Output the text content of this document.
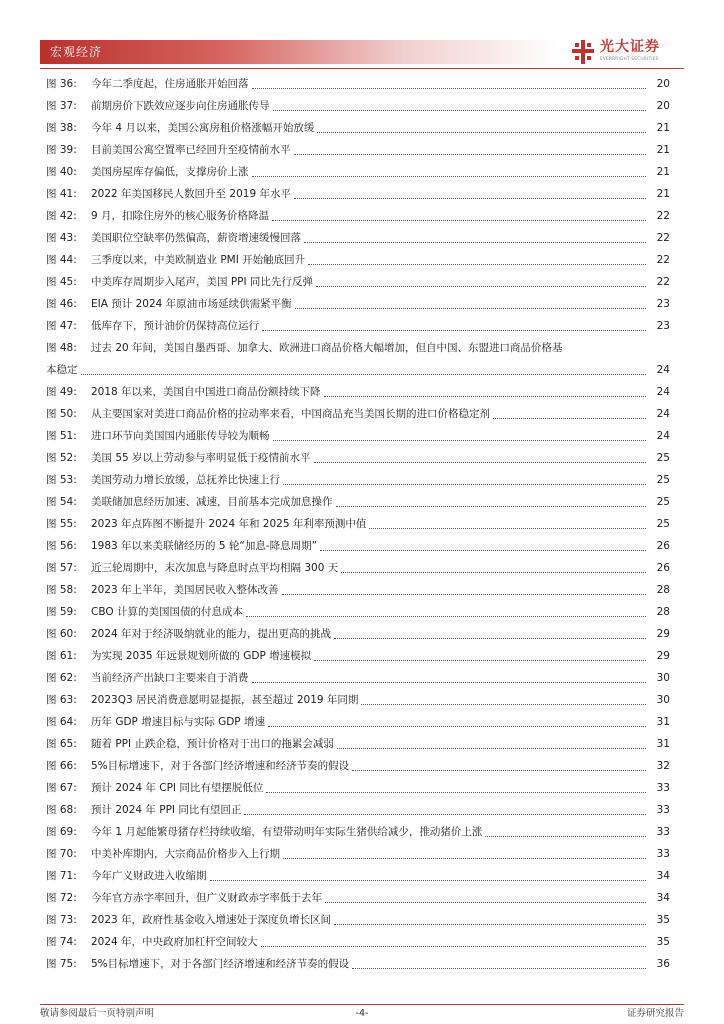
宏观经济	光大证券
EVERBRIGHT SECURITIES
图 36: 今年二季度起，住房通胀开始回落	20
图 37: 前期房价下跌效应逐步向住房通胀传导	20
图 38: 今年 4 月以来，美国公寓房租价格涨幅开始放缓	21
图 39: 目前美国公寓空置率已经回升至疫情前水平	21
图 40: 美国房屋库存偏低，支撑房价上涨	21
图 41: 2022 年美国移民人数回升至 2019 年水平	21
图 42: 9 月，扣除住房外的核心服务价格降温	22
图 43: 美国职位空缺率仍然偏高，薪资增速缓慢回落	22
图 44: 三季度以来，中美欧制造业 PMI 开始触底回升	22
图 45: 中美库存周期步入尾声，美国 PPI 同比先行反弹	22
图 46: EIA 预计 2024 年原油市场延续供需紧平衡	23
图 47: 低库存下，预计油价仍保持高位运行	23
图 48: 过去 20 年间，美国自墨西哥、加拿大、欧洲进口商品价格大幅增加，但自中国、东盟进口商品价格基
本稳定	24
图 49: 2018 年以来，美国自中国进口商品份额持续下降	24
图 50: 从主要国家对美进口商品价格的拉动率来看，中国商品充当美国长期的进口价格稳定剂	24
图 51: 进口环节向美国国内通胀传导较为顺畅	24
图 52: 美国 55 岁以上劳动参与率明显低于疫情前水平	25
图 53: 美国劳动力增长放缓，总抚养比快速上行	25
图 54: 美联储加息经历加速、减速，目前基本完成加息操作	25
图 55: 2023 年点阵图不断提升 2024 年和 2025 年利率预测中值	25
图 56: 1983 年以来美联储经历的 5 轮“加息-降息周期”	26
图 57: 近三轮周期中，末次加息与降息时点平均相隔 300 天	26
图 58: 2023 年上半年，美国居民收入整体改善	28
图 59: CBO 计算的美国国债的付息成本	28
图 60: 2024 年对于经济吸纳就业的能力，提出更高的挑战	29
图 61: 为实现 2035 年远景规划所做的 GDP 增速模拟	29
图 62: 当前经济产出缺口主要来自于消费	30
图 63: 2023Q3 居民消费意愿明显提振，甚至超过 2019 年同期	30
图 64: 历年 GDP 增速目标与实际 GDP 增速	31
图 65: 随着 PPI 止跌企稳，预计价格对于出口的拖累会减弱	31
图 66: 5%目标增速下，对于各部门经济增速和经济节奏的假设	32
图 67: 预计 2024 年 CPI 同比有望摆脱低位	33
图 68: 预计 2024 年 PPI 同比有望回正	33
图 69: 今年 1 月起能繁母猪存栏持续收缩，有望带动明年实际生猪供给减少，推动猪价上涨	33
图 70: 中美补库期内，大宗商品价格步入上行期	33
图 71: 今年广义财政进入收缩期	34
图 72: 今年官方赤字率回升，但广义财政赤字率低于去年	34
图 73: 2023 年，政府性基金收入增速处于深度负增长区间	35
图 74: 2024 年，中央政府加杠杆空间较大	35
图 75: 5%目标增速下，对于各部门经济增速和经济节奏的假设	36
敬请参阅最后一页特别声明	-4-	证券研究报告
